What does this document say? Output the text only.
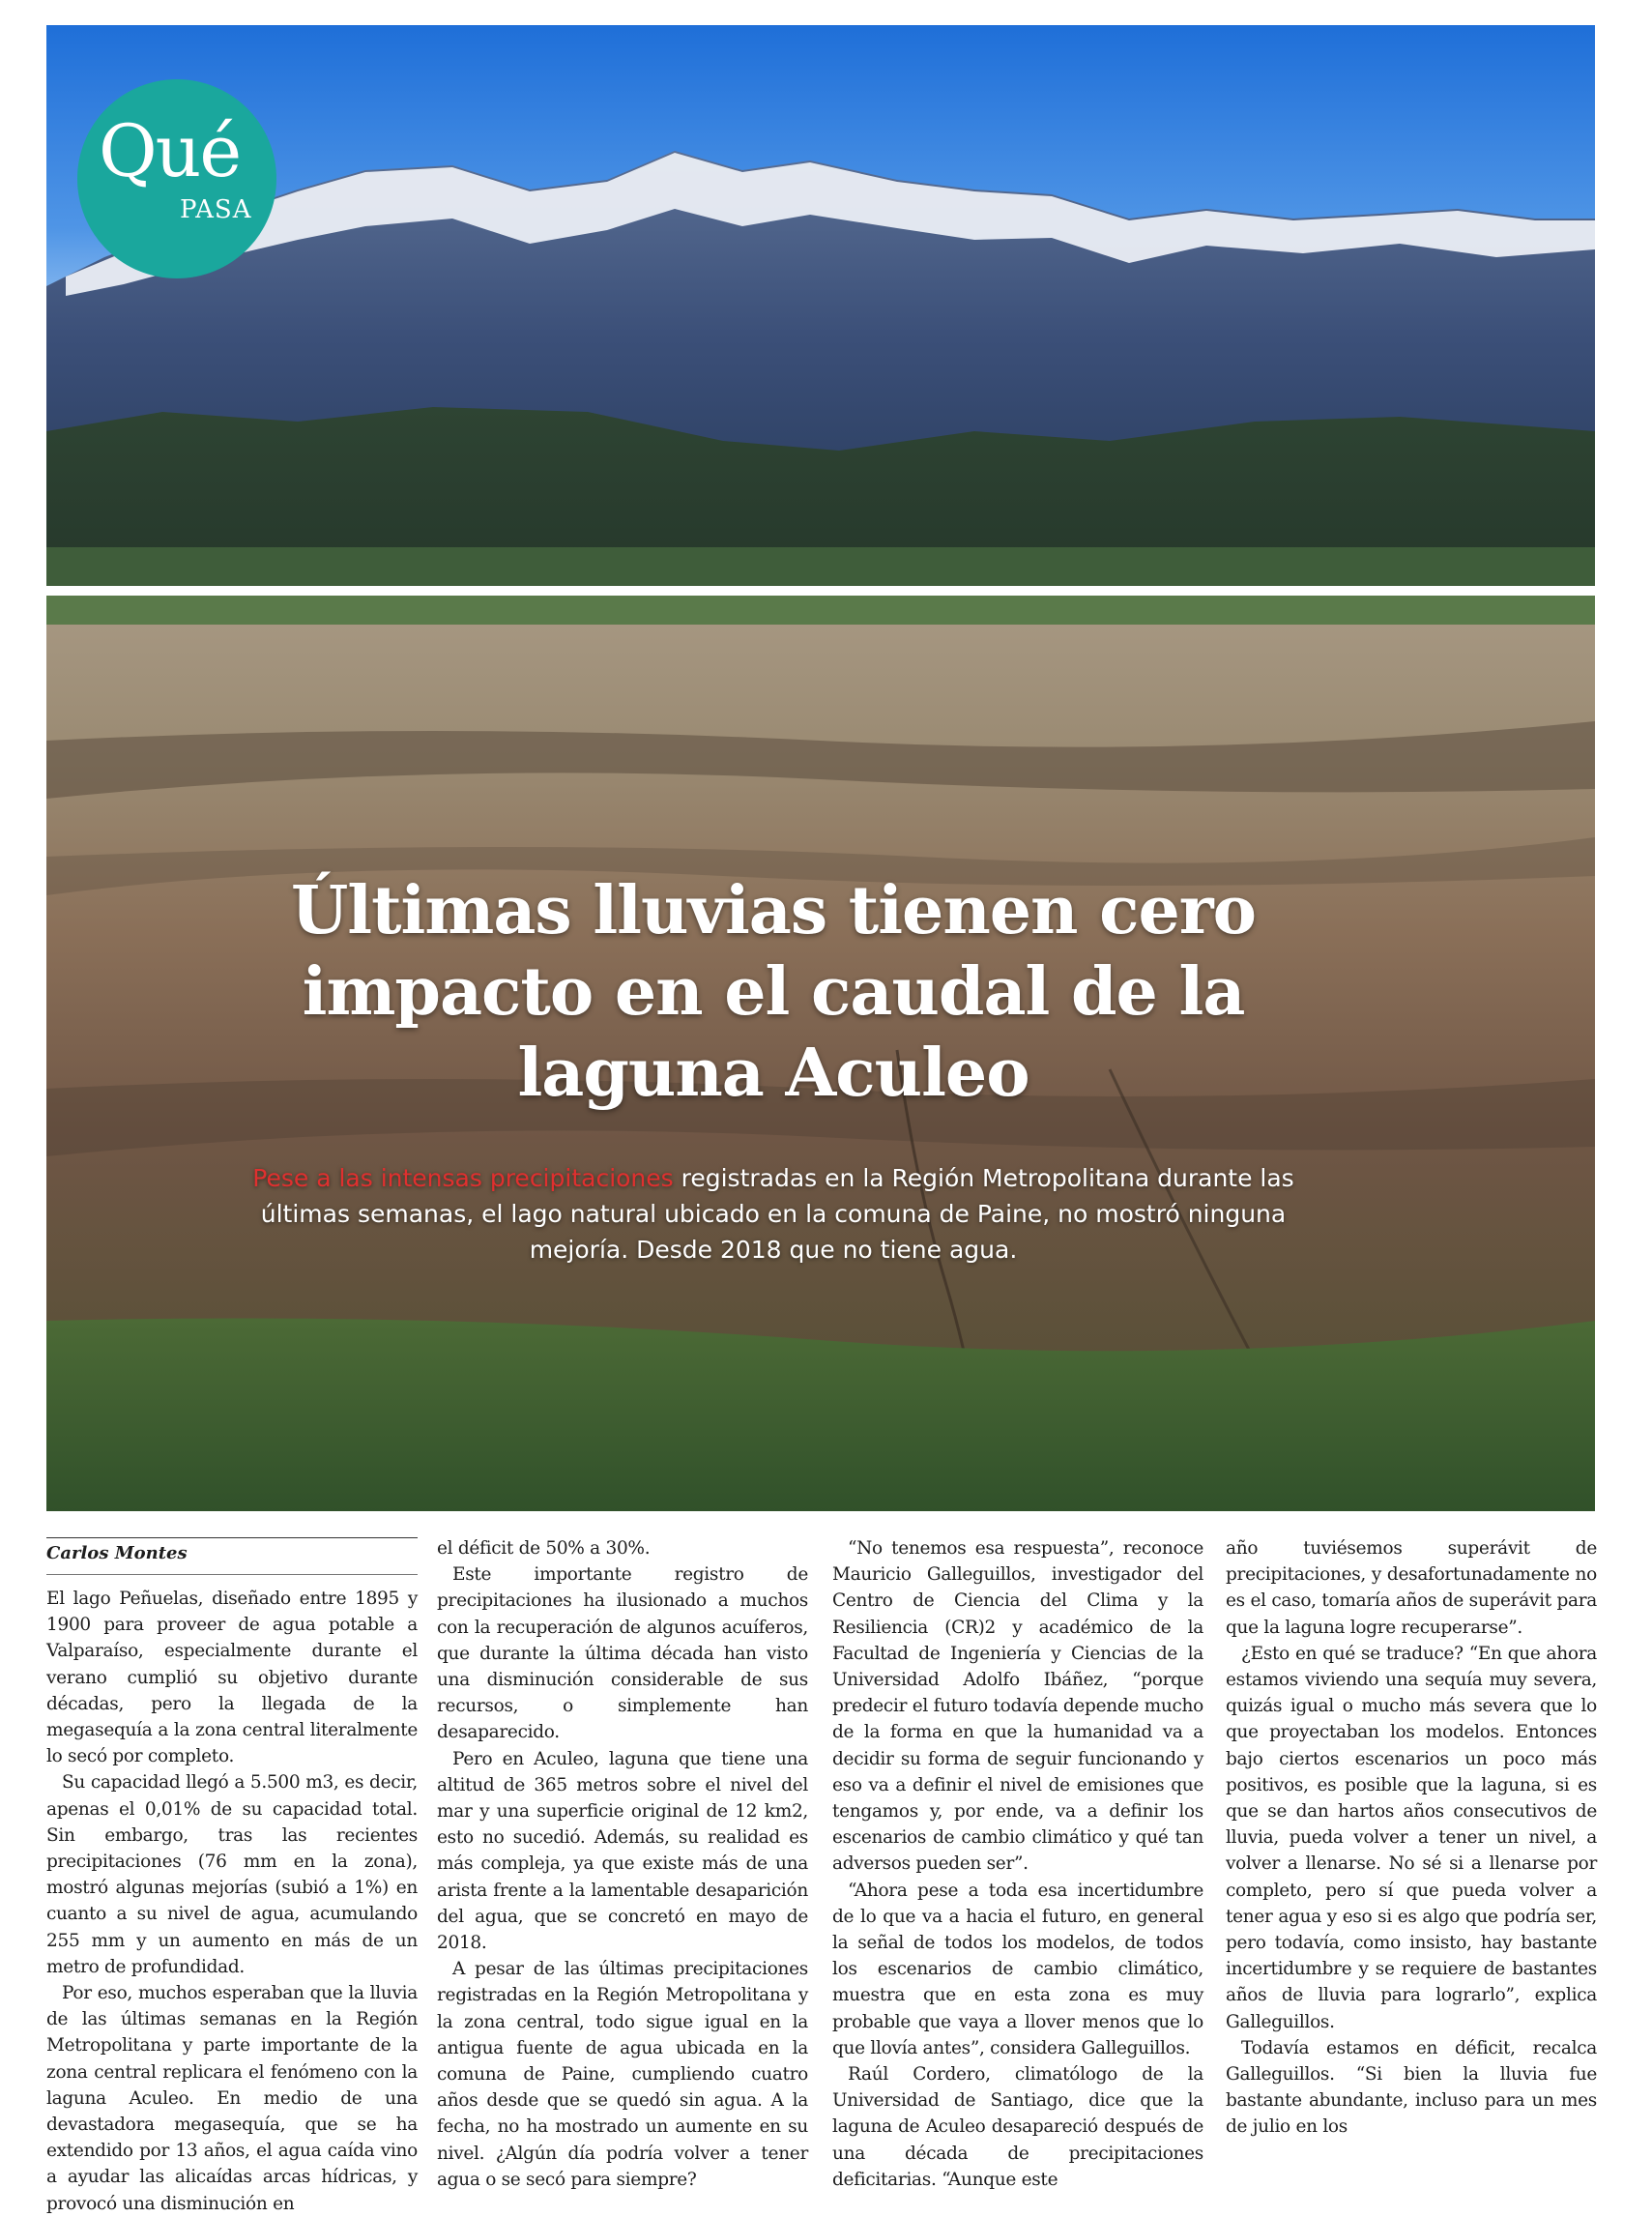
Qué
PASA
Últimas lluvias tienen cero impacto en el caudal de la laguna Aculeo

Pese a las intensas precipitaciones registradas en la Región Metropolitana durante las últimas semanas, el lago natural ubicado en la comuna de Paine, no mostró ninguna mejoría. Desde 2018 que no tiene agua.

Carlos Montes

El lago Peñuelas, diseñado entre 1895 y 1900 para proveer de agua potable a Valparaíso, especialmente durante el verano cumplió su objetivo durante décadas, pero la llegada de la megasequía a la zona central literalmente lo secó por completo.

Su capacidad llegó a 5.500 m3, es decir, apenas el 0,01% de su capacidad total. Sin embargo, tras las recientes precipitaciones (76 mm en la zona), mostró algunas mejorías (subió a 1%) en cuanto a su nivel de agua, acumulando 255 mm y un aumento en más de un metro de profundidad.

Por eso, muchos esperaban que la lluvia de las últimas semanas en la Región Metropolitana y parte importante de la zona central replicara el fenómeno con la laguna Aculeo. En medio de una devastadora megasequía, que se ha extendido por 13 años, el agua caída vino a ayudar las alicaídas arcas hídricas, y provocó una disminución en

el déficit de 50% a 30%.

Este importante registro de precipitaciones ha ilusionado a muchos con la recuperación de algunos acuíferos, que durante la última década han visto una disminución considerable de sus recursos, o simplemente han desaparecido.

Pero en Aculeo, laguna que tiene una altitud de 365 metros sobre el nivel del mar y una superficie original de 12 km2, esto no sucedió. Además, su realidad es más compleja, ya que existe más de una arista frente a la lamentable desaparición del agua, que se concretó en mayo de 2018.

A pesar de las últimas precipitaciones registradas en la Región Metropolitana y la zona central, todo sigue igual en la antigua fuente de agua ubicada en la comuna de Paine, cumpliendo cuatro años desde que se quedó sin agua. A la fecha, no ha mostrado un aumente en su nivel. ¿Algún día podría volver a tener agua o se secó para siempre?

“No tenemos esa respuesta”, reconoce Mauricio Galleguillos, investigador del Centro de Ciencia del Clima y la Resiliencia (CR)2 y académico de la Facultad de Ingeniería y Ciencias de la Universidad Adolfo Ibáñez, “porque predecir el futuro todavía depende mucho de la forma en que la humanidad va a decidir su forma de seguir funcionando y eso va a definir el nivel de emisiones que tengamos y, por ende, va a definir los escenarios de cambio climático y qué tan adversos pueden ser”.

“Ahora pese a toda esa incertidumbre de lo que va a hacia el futuro, en general la señal de todos los modelos, de todos los escenarios de cambio climático, muestra que en esta zona es muy probable que vaya a llover menos que lo que llovía antes”, considera Galleguillos.

Raúl Cordero, climatólogo de la Universidad de Santiago, dice que la laguna de Aculeo desapareció después de una década de precipitaciones deficitarias. “Aunque este

año tuviésemos superávit de precipitaciones, y desafortunadamente no es el caso, tomaría años de superávit para que la laguna logre recuperarse”.

¿Esto en qué se traduce? “En que ahora estamos viviendo una sequía muy severa, quizás igual o mucho más severa que lo que proyectaban los modelos. Entonces bajo ciertos escenarios un poco más positivos, es posible que la laguna, si es que se dan hartos años consecutivos de lluvia, pueda volver a tener un nivel, a volver a llenarse. No sé si a llenarse por completo, pero sí que pueda volver a tener agua y eso si es algo que podría ser, pero todavía, como insisto, hay bastante incertidumbre y se requiere de bastantes años de lluvia para lograrlo”, explica Galleguillos.

Todavía estamos en déficit, recalca Galleguillos. “Si bien la lluvia fue bastante abundante, incluso para un mes de julio en los
